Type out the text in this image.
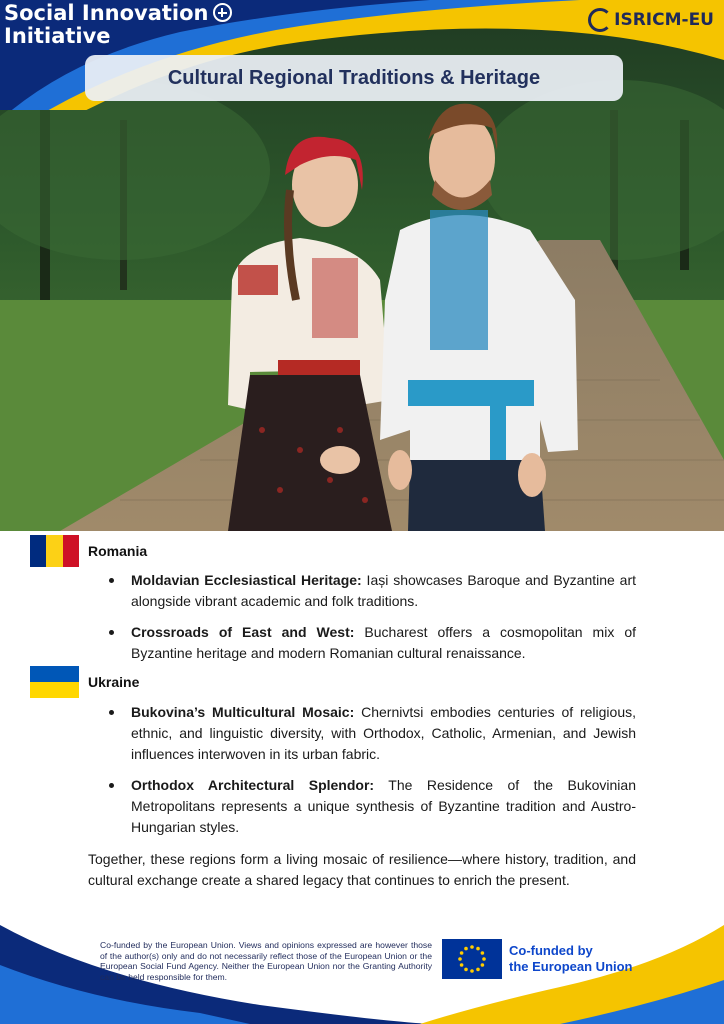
Social Innovation
Initiative
ISRICM-EU
Cultural Regional Traditions & Heritage
Romania
Moldavian Ecclesiastical Heritage: Iași showcases Baroque and Byzantine art alongside vibrant academic and folk traditions.
Crossroads of East and West: Bucharest offers a cosmopolitan mix of Byzantine heritage and modern Romanian cultural renaissance.
Ukraine
Bukovina’s Multicultural Mosaic: Chernivtsi embodies centuries of religious, ethnic, and linguistic diversity, with Orthodox, Catholic, Armenian, and Jewish influences interwoven in its urban fabric.
Orthodox Architectural Splendor: The Residence of the Bukovinian Metropolitans represents a unique synthesis of Byzantine tradition and Austro-Hungarian styles.

Together, these regions form a living mosaic of resilience—where history, tradition, and cultural exchange create a shared legacy that continues to enrich the present.

Co-funded by the European Union. Views and opinions expressed are however those of the author(s) only and do not necessarily reflect those of the European Union or the European Social Fund Agency. Neither the European Union nor the Granting Authority can be held responsible for them.
Co-funded by
the European Union
